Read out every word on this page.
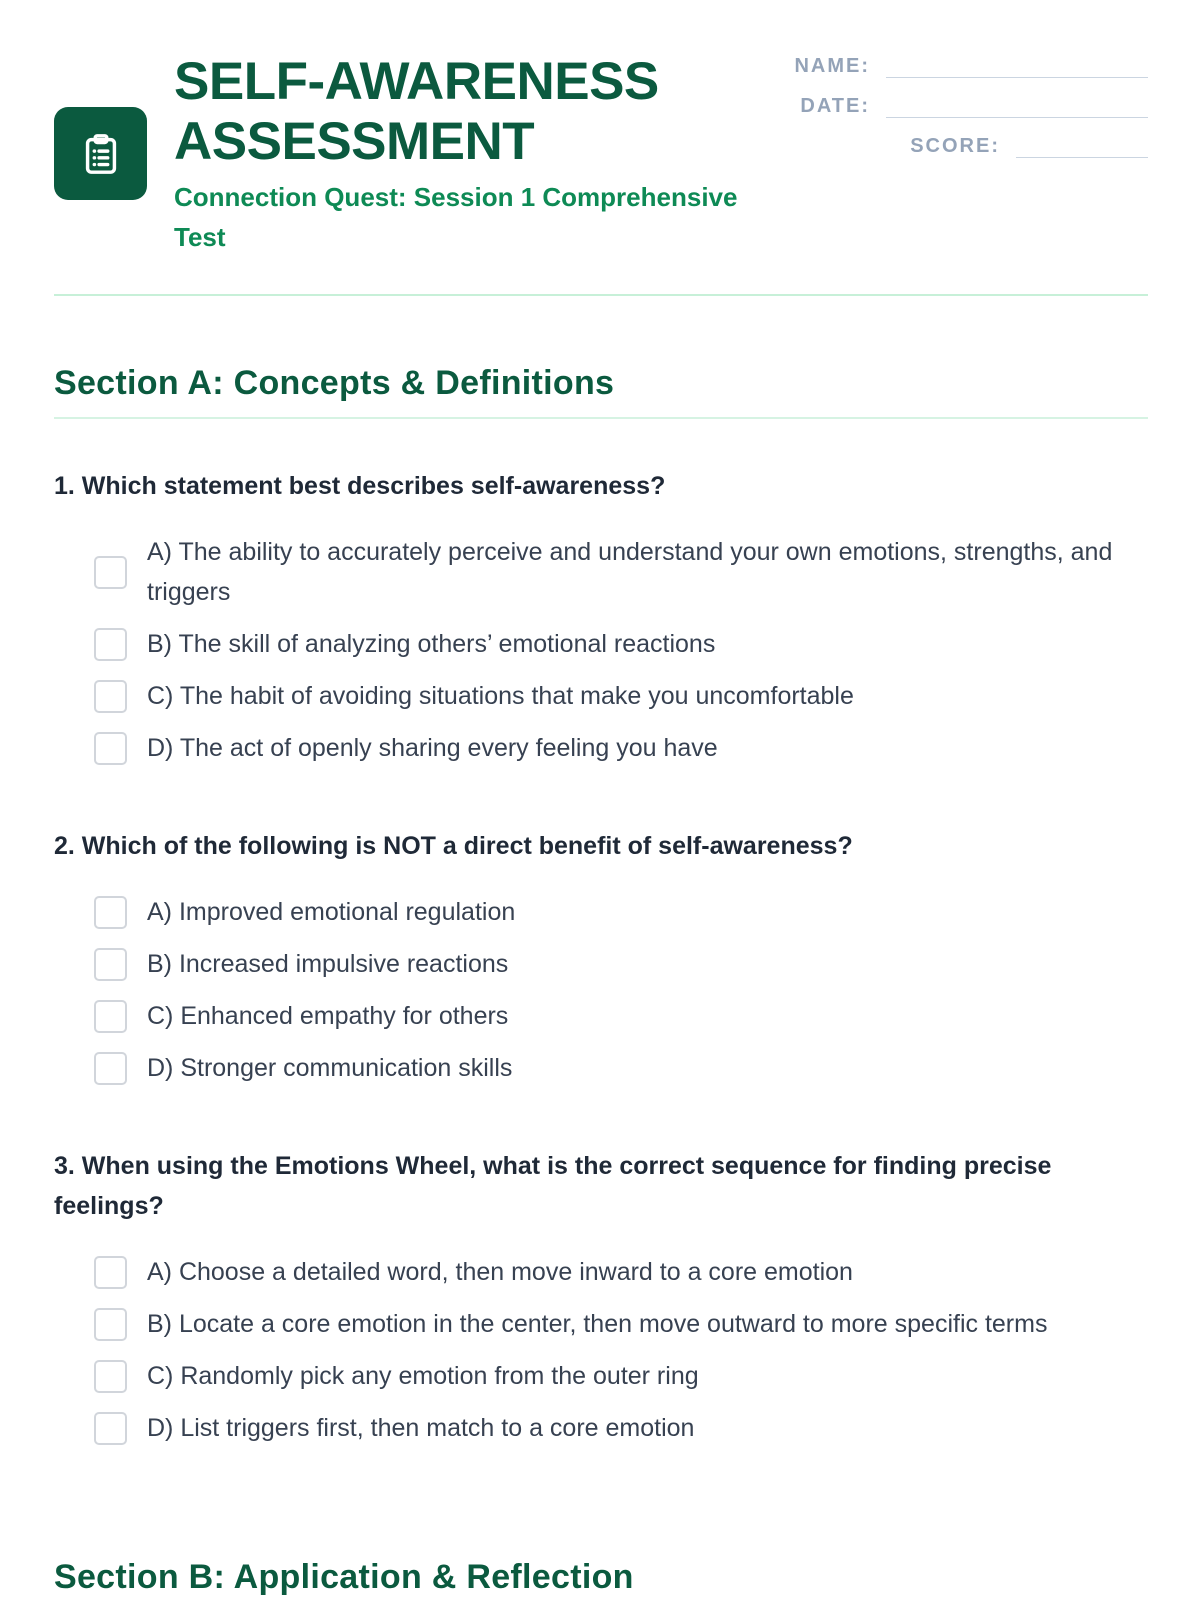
SELF-AWARENESS
ASSESSMENT
Connection Quest: Session 1 Comprehensive Test
NAME:
DATE:
SCORE:
Section A: Concepts & Definitions
1. Which statement best describes self-awareness?
A) The ability to accurately perceive and understand your own emotions, strengths, and triggers
B) The skill of analyzing others’ emotional reactions
C) The habit of avoiding situations that make you uncomfortable
D) The act of openly sharing every feeling you have
2. Which of the following is NOT a direct benefit of self-awareness?
A) Improved emotional regulation
B) Increased impulsive reactions
C) Enhanced empathy for others
D) Stronger communication skills
3. When using the Emotions Wheel, what is the correct sequence for finding precise feelings?
A) Choose a detailed word, then move inward to a core emotion
B) Locate a core emotion in the center, then move outward to more specific terms
C) Randomly pick any emotion from the outer ring
D) List triggers first, then match to a core emotion
Section B: Application & Reflection
